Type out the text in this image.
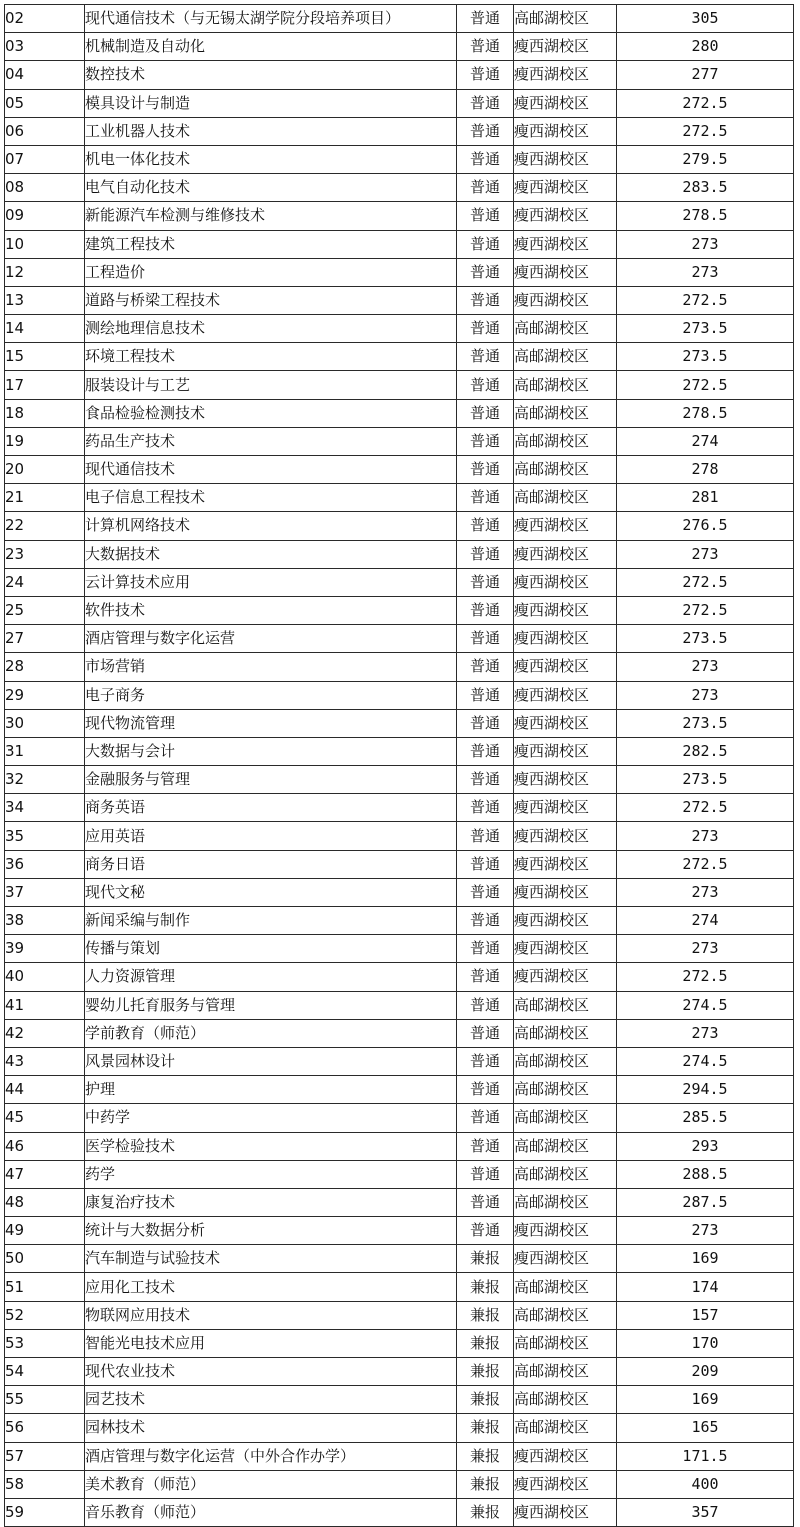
02	现代通信技术（与无锡太湖学院分段培养项目）	普通	高邮湖校区	305
03	机械制造及自动化	普通	瘦西湖校区	280
04	数控技术	普通	瘦西湖校区	277
05	模具设计与制造	普通	瘦西湖校区	272.5
06	工业机器人技术	普通	瘦西湖校区	272.5
07	机电一体化技术	普通	瘦西湖校区	279.5
08	电气自动化技术	普通	瘦西湖校区	283.5
09	新能源汽车检测与维修技术	普通	瘦西湖校区	278.5
10	建筑工程技术	普通	瘦西湖校区	273
12	工程造价	普通	瘦西湖校区	273
13	道路与桥梁工程技术	普通	瘦西湖校区	272.5
14	测绘地理信息技术	普通	高邮湖校区	273.5
15	环境工程技术	普通	高邮湖校区	273.5
17	服装设计与工艺	普通	高邮湖校区	272.5
18	食品检验检测技术	普通	高邮湖校区	278.5
19	药品生产技术	普通	高邮湖校区	274
20	现代通信技术	普通	高邮湖校区	278
21	电子信息工程技术	普通	高邮湖校区	281
22	计算机网络技术	普通	瘦西湖校区	276.5
23	大数据技术	普通	瘦西湖校区	273
24	云计算技术应用	普通	瘦西湖校区	272.5
25	软件技术	普通	瘦西湖校区	272.5
27	酒店管理与数字化运营	普通	瘦西湖校区	273.5
28	市场营销	普通	瘦西湖校区	273
29	电子商务	普通	瘦西湖校区	273
30	现代物流管理	普通	瘦西湖校区	273.5
31	大数据与会计	普通	瘦西湖校区	282.5
32	金融服务与管理	普通	瘦西湖校区	273.5
34	商务英语	普通	瘦西湖校区	272.5
35	应用英语	普通	瘦西湖校区	273
36	商务日语	普通	瘦西湖校区	272.5
37	现代文秘	普通	瘦西湖校区	273
38	新闻采编与制作	普通	瘦西湖校区	274
39	传播与策划	普通	瘦西湖校区	273
40	人力资源管理	普通	瘦西湖校区	272.5
41	婴幼儿托育服务与管理	普通	高邮湖校区	274.5
42	学前教育（师范）	普通	高邮湖校区	273
43	风景园林设计	普通	高邮湖校区	274.5
44	护理	普通	高邮湖校区	294.5
45	中药学	普通	高邮湖校区	285.5
46	医学检验技术	普通	高邮湖校区	293
47	药学	普通	高邮湖校区	288.5
48	康复治疗技术	普通	高邮湖校区	287.5
49	统计与大数据分析	普通	瘦西湖校区	273
50	汽车制造与试验技术	兼报	瘦西湖校区	169
51	应用化工技术	兼报	高邮湖校区	174
52	物联网应用技术	兼报	高邮湖校区	157
53	智能光电技术应用	兼报	高邮湖校区	170
54	现代农业技术	兼报	高邮湖校区	209
55	园艺技术	兼报	高邮湖校区	169
56	园林技术	兼报	高邮湖校区	165
57	酒店管理与数字化运营（中外合作办学）	兼报	瘦西湖校区	171.5
58	美术教育（师范）	兼报	瘦西湖校区	400
59	音乐教育（师范）	兼报	瘦西湖校区	357
